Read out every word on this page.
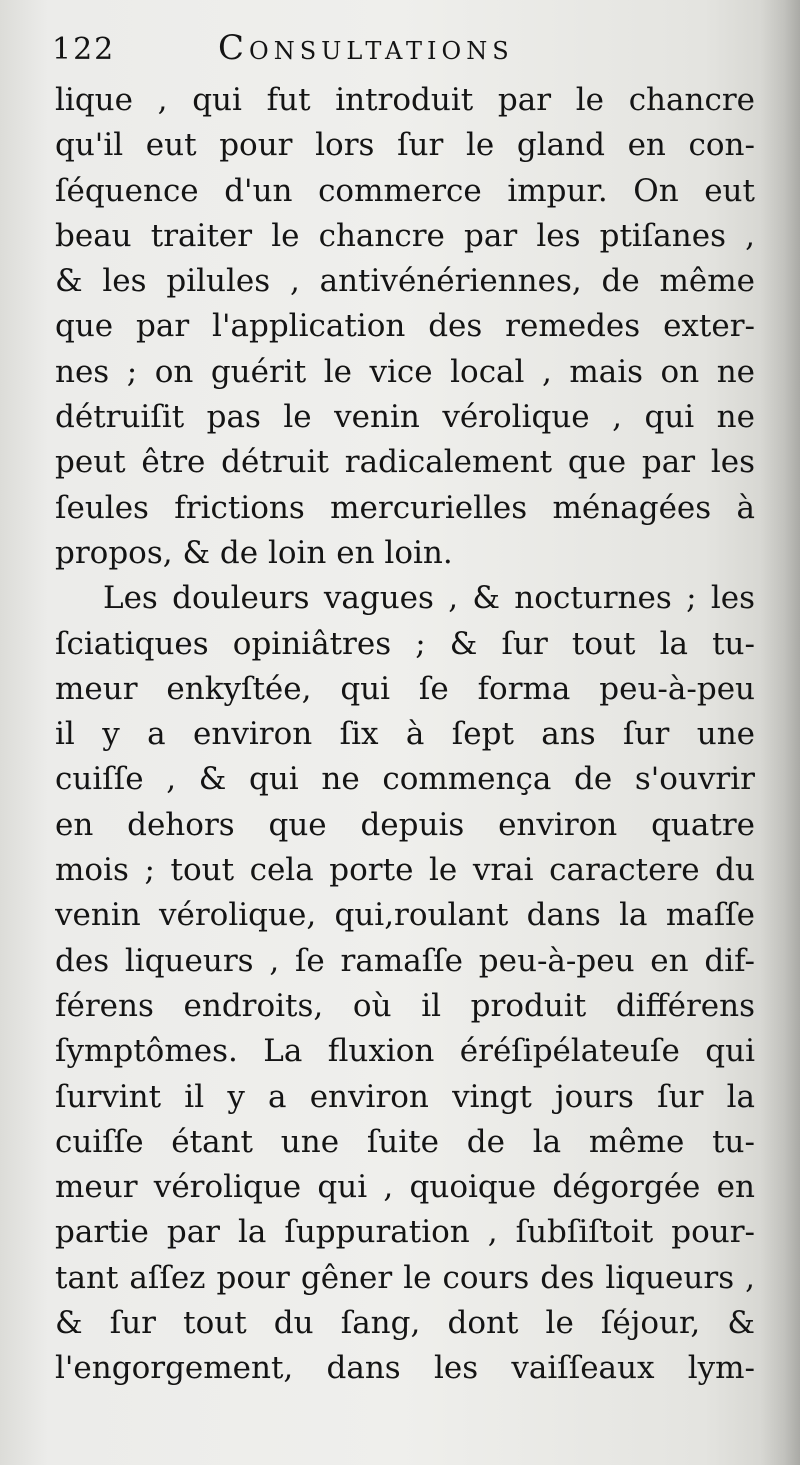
122	Consultations
lique , qui fut introduit par le chancre
qu'il eut pour lors ſur le gland en con-
ſéquence d'un commerce impur. On eut
beau traiter le chancre par les ptiſanes ,
& les pilules , antivénériennes, de même
que par l'application des remedes exter-
nes ; on guérit le vice local , mais on ne
détruiſit pas le venin vérolique , qui ne
peut être détruit radicalement que par les
ſeules frictions mercurielles ménagées à
propos, & de loin en loin.
Les douleurs vagues , & nocturnes ; les
ſciatiques opiniâtres ; & ſur tout la tu-
meur enkyſtée, qui ſe forma peu-à-peu
il y a environ ſix à ſept ans ſur une
cuiſſe , & qui ne commença de s'ouvrir
en dehors que depuis environ quatre
mois ; tout cela porte le vrai caractere du
venin vérolique, qui,roulant dans la maſſe
des liqueurs , ſe ramaſſe peu-à-peu en dif-
férens endroits, où il produit différens
ſymptômes. La fluxion éréſipélateuſe qui
ſurvint il y a environ vingt jours ſur la
cuiſſe étant une ſuite de la même tu-
meur vérolique qui , quoique dégorgée en
partie par la ſuppuration , ſubſiſtoit pour-
tant aſſez pour gêner le cours des liqueurs ,
& ſur tout du ſang, dont le ſéjour, &
l'engorgement, dans les vaiſſeaux lym-
